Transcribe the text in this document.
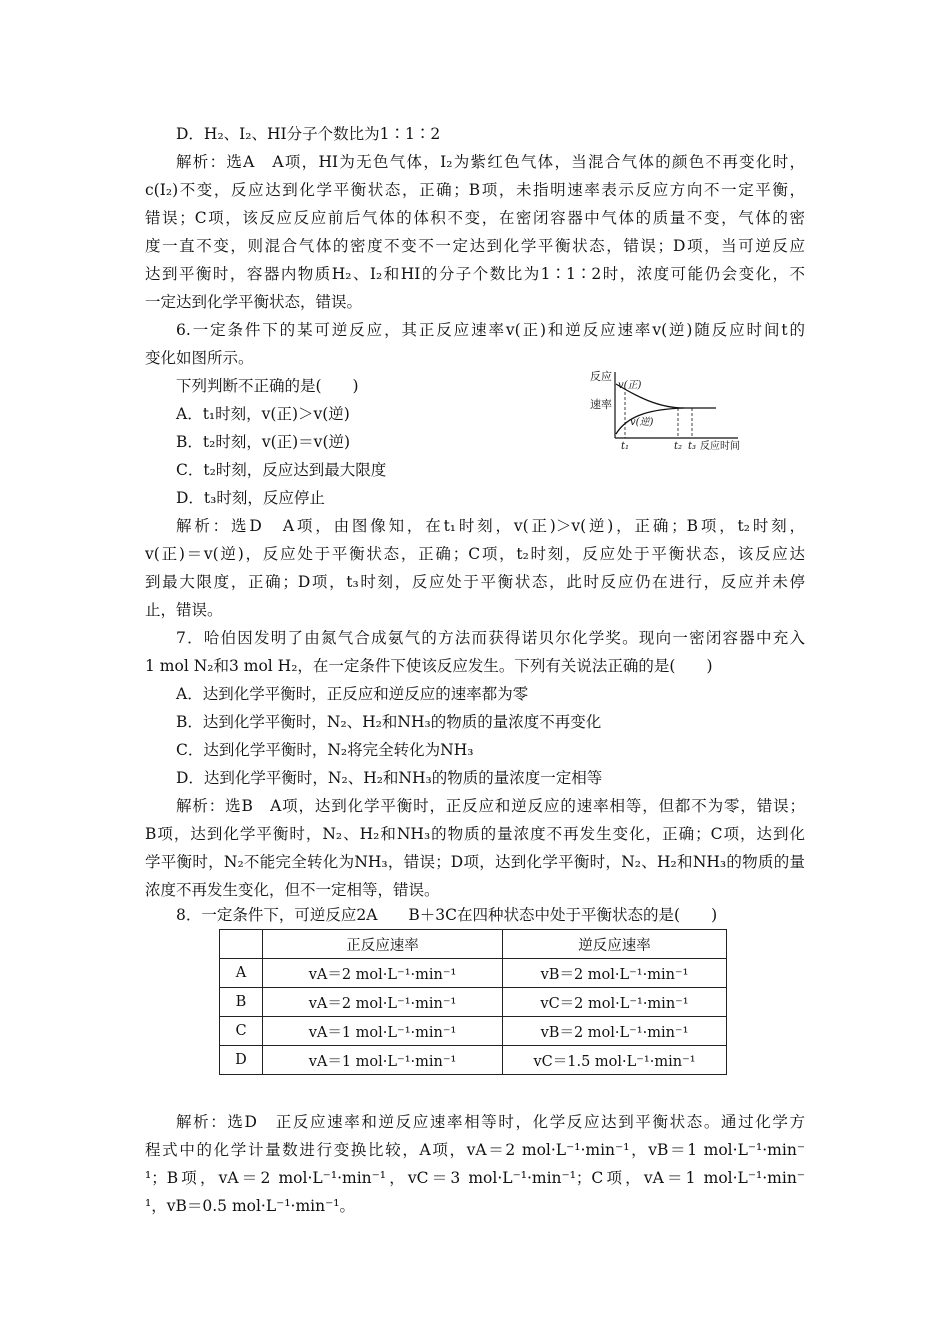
D．H₂、I₂、HI分子个数比为1∶1∶2
解析：选A　A项，HI为无色气体，I₂为紫红色气体，当混合气体的颜色不再变化时，
c(I₂)不变，反应达到化学平衡状态，正确；B项，未指明速率表示反应方向不一定平衡，
错误；C项，该反应反应前后气体的体积不变，在密闭容器中气体的质量不变，气体的密
度一直不变，则混合气体的密度不变不一定达到化学平衡状态，错误；D项，当可逆反应
达到平衡时，容器内物质H₂、I₂和HI的分子个数比为1∶1∶2时，浓度可能仍会变化，不
一定达到化学平衡状态，错误。
6.一定条件下的某可逆反应，其正反应速率v(正)和逆反应速率v(逆)随反应时间t的
变化如图所示。
下列判断不正确的是(　　)
A．t₁时刻，v(正)＞v(逆)
B．t₂时刻，v(正)＝v(逆)
C．t₂时刻，反应达到最大限度
D．t₃时刻，反应停止
反应
速率
v(正)
v(逆)
t₁	t₂ t₃ 反应时间
解析：选D　A项，由图像知，在t₁时刻，v(正)＞v(逆)，正确；B项，t₂时刻，
v(正)＝v(逆)，反应处于平衡状态，正确；C项，t₂时刻，反应处于平衡状态，该反应达
到最大限度，正确；D项，t₃时刻，反应处于平衡状态，此时反应仍在进行，反应并未停
止，错误。
7．哈伯因发明了由氮气合成氨气的方法而获得诺贝尔化学奖。现向一密闭容器中充入
1 mol N₂和3 mol H₂，在一定条件下使该反应发生。下列有关说法正确的是(　　)
A．达到化学平衡时，正反应和逆反应的速率都为零
B．达到化学平衡时，N₂、H₂和NH₃的物质的量浓度不再变化
C．达到化学平衡时，N₂将完全转化为NH₃
D．达到化学平衡时，N₂、H₂和NH₃的物质的量浓度一定相等
解析：选B　A项，达到化学平衡时，正反应和逆反应的速率相等，但都不为零，错误；
B项，达到化学平衡时，N₂、H₂和NH₃的物质的量浓度不再发生变化，正确；C项，达到化
学平衡时，N₂不能完全转化为NH₃，错误；D项，达到化学平衡时，N₂、H₂和NH₃的物质的量
浓度不再发生变化，但不一定相等，错误。
8．一定条件下，可逆反应2A　　B＋3C在四种状态中处于平衡状态的是(　　)
	正反应速率	逆反应速率
A	vA＝2 mol·L⁻¹·min⁻¹	vB＝2 mol·L⁻¹·min⁻¹
B	vA＝2 mol·L⁻¹·min⁻¹	vC＝2 mol·L⁻¹·min⁻¹
C	vA＝1 mol·L⁻¹·min⁻¹	vB＝2 mol·L⁻¹·min⁻¹
D	vA＝1 mol·L⁻¹·min⁻¹	vC＝1.5 mol·L⁻¹·min⁻¹
解析：选D　正反应速率和逆反应速率相等时，化学反应达到平衡状态。通过化学方
程式中的化学计量数进行变换比较，A项，vA＝2 mol·L⁻¹·min⁻¹，vB＝1 mol·L⁻¹·min⁻
¹；B项，vA＝2 mol·L⁻¹·min⁻¹，vC＝3 mol·L⁻¹·min⁻¹；C项，vA＝1 mol·L⁻¹·min⁻
¹，vB＝0.5 mol·L⁻¹·min⁻¹。
